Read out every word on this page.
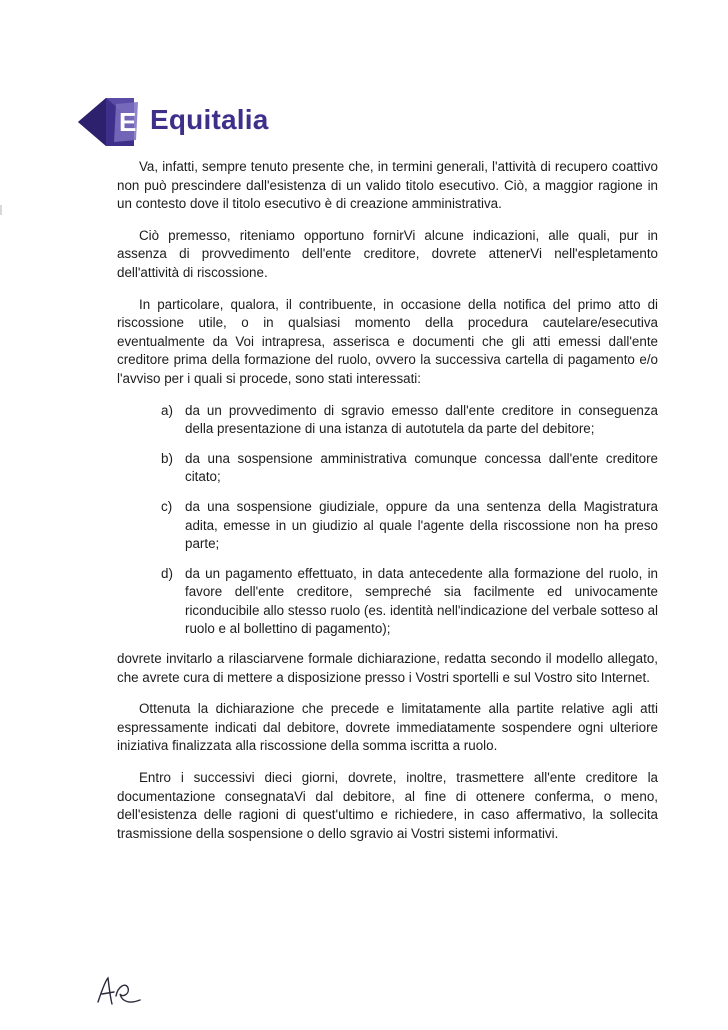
E Equitalia

Va, infatti, sempre tenuto presente che, in termini generali, l'attività di recupero coattivo non può prescindere dall'esistenza di un valido titolo esecutivo. Ciò, a maggior ragione in un contesto dove il titolo esecutivo è di creazione amministrativa.

Ciò premesso, riteniamo opportuno fornirVi alcune indicazioni, alle quali, pur in assenza di provvedimento dell'ente creditore, dovrete attenerVi nell'espletamento dell'attività di riscossione.

In particolare, qualora, il contribuente, in occasione della notifica del primo atto di riscossione utile, o in qualsiasi momento della procedura cautelare/esecutiva eventualmente da Voi intrapresa, asserisca e documenti che gli atti emessi dall'ente creditore prima della formazione del ruolo, ovvero la successiva cartella di pagamento e/o l'avviso per i quali si procede, sono stati interessati:

a) da un provvedimento di sgravio emesso dall'ente creditore in conseguenza della presentazione di una istanza di autotutela da parte del debitore;
b) da una sospensione amministrativa comunque concessa dall'ente creditore citato;
c) da una sospensione giudiziale, oppure da una sentenza della Magistratura adita, emesse in un giudizio al quale l'agente della riscossione non ha preso parte;
d) da un pagamento effettuato, in data antecedente alla formazione del ruolo, in favore dell'ente creditore, sempreché sia facilmente ed univocamente riconducibile allo stesso ruolo (es. identità nell'indicazione del verbale sotteso al ruolo e al bollettino di pagamento);

dovrete invitarlo a rilasciarvene formale dichiarazione, redatta secondo il modello allegato, che avrete cura di mettere a disposizione presso i Vostri sportelli e sul Vostro sito Internet.

Ottenuta la dichiarazione che precede e limitatamente alla partite relative agli atti espressamente indicati dal debitore, dovrete immediatamente sospendere ogni ulteriore iniziativa finalizzata alla riscossione della somma iscritta a ruolo.

Entro i successivi dieci giorni, dovrete, inoltre, trasmettere all'ente creditore la documentazione consegnataVi dal debitore, al fine di ottenere conferma, o meno, dell'esistenza delle ragioni di quest'ultimo e richiedere, in caso affermativo, la sollecita trasmissione della sospensione o dello sgravio ai Vostri sistemi informativi.
